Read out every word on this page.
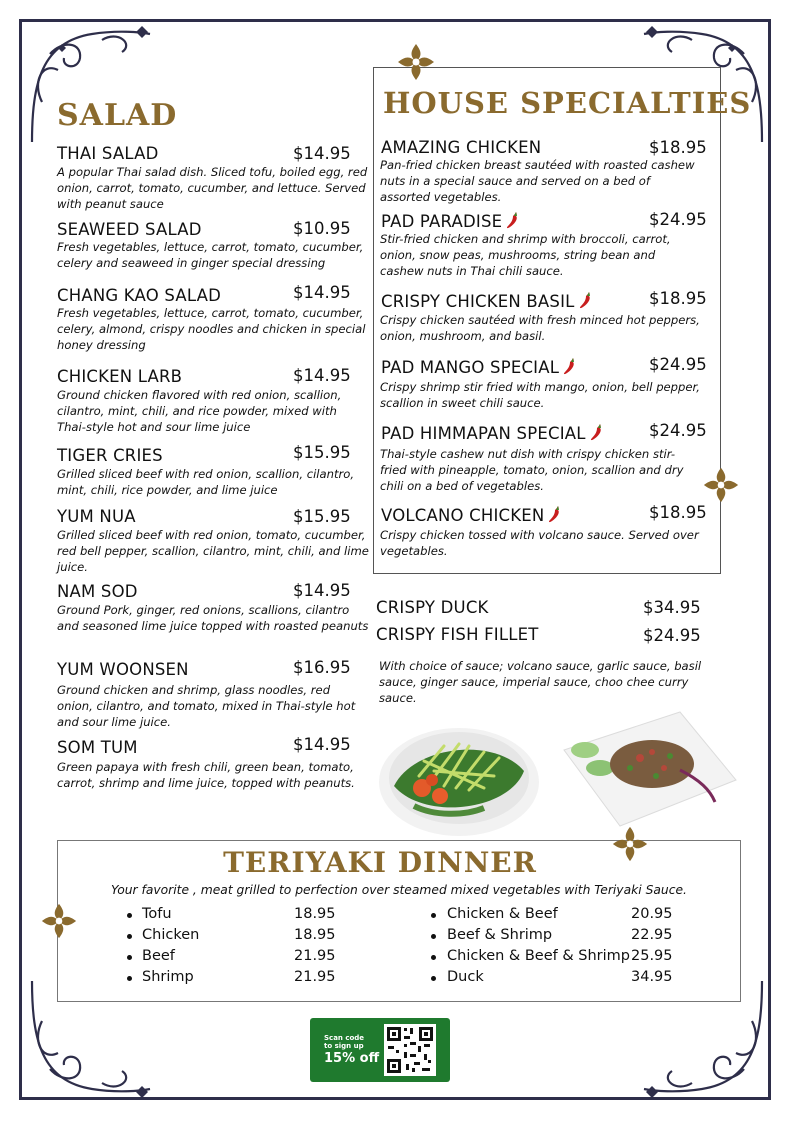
SALAD
THAI SALAD	$14.95
A popular Thai salad dish. Sliced tofu, boiled egg, red onion, carrot, tomato, cucumber, and lettuce. Served with peanut sauce
SEAWEED SALAD	$10.95
Fresh vegetables, lettuce, carrot, tomato, cucumber, celery and seaweed in ginger special dressing
CHANG KAO SALAD	$14.95
Fresh vegetables, lettuce, carrot, tomato, cucumber, celery, almond, crispy noodles and chicken in special honey dressing
CHICKEN LARB	$14.95
Ground chicken flavored with red onion, scallion, cilantro, mint, chili, and rice powder, mixed with Thai-style hot and sour lime juice
TIGER CRIES	$15.95
Grilled sliced beef with red onion, scallion, cilantro, mint, chili, rice powder, and lime juice
YUM NUA	$15.95
Grilled sliced beef with red onion, tomato, cucumber, red bell pepper, scallion, cilantro, mint, chili, and lime juice.
NAM SOD	$14.95
Ground Pork, ginger, red onions, scallions, cilantro and seasoned lime juice topped with roasted peanuts
YUM WOONSEN	$16.95
Ground chicken and shrimp, glass noodles, red onion, cilantro, and tomato, mixed in Thai-style hot and sour lime juice.
SOM TUM	$14.95
Green papaya with fresh chili, green bean, tomato, carrot, shrimp and lime juice, topped with peanuts.
HOUSE SPECIALTIES
AMAZING CHICKEN	$18.95
Pan-fried chicken breast sautéed with roasted cashew nuts in a special sauce and served on a bed of assorted vegetables.
PAD PARADISE	$24.95
Stir-fried chicken and shrimp with broccoli, carrot, onion, snow peas, mushrooms, string bean and cashew nuts in Thai chili sauce.
CRISPY CHICKEN BASIL	$18.95
Crispy chicken sautéed with fresh minced hot peppers, onion, mushroom, and basil.
PAD MANGO SPECIAL	$24.95
Crispy shrimp stir fried with mango, onion, bell pepper, scallion in sweet chili sauce.
PAD HIMMAPAN SPECIAL	$24.95
Thai-style cashew nut dish with crispy chicken stir-fried with pineapple, tomato, onion, scallion and dry chili on a bed of vegetables.
VOLCANO CHICKEN	$18.95
Crispy chicken tossed with volcano sauce. Served over vegetables.
CRISPY DUCK	$34.95
CRISPY FISH FILLET	$24.95
With choice of sauce; volcano sauce, garlic sauce, basil sauce, ginger sauce, imperial sauce, choo chee curry sauce.
TERIYAKI DINNER
Your favorite , meat grilled to perfection over steamed mixed vegetables with Teriyaki Sauce.
Tofu	18.95
Chicken	18.95
Beef	21.95
Shrimp	21.95
Chicken & Beef	20.95
Beef & Shrimp	22.95
Chicken & Beef & Shrimp 25.95
Duck	34.95
Scan code
to sign up
15% off
